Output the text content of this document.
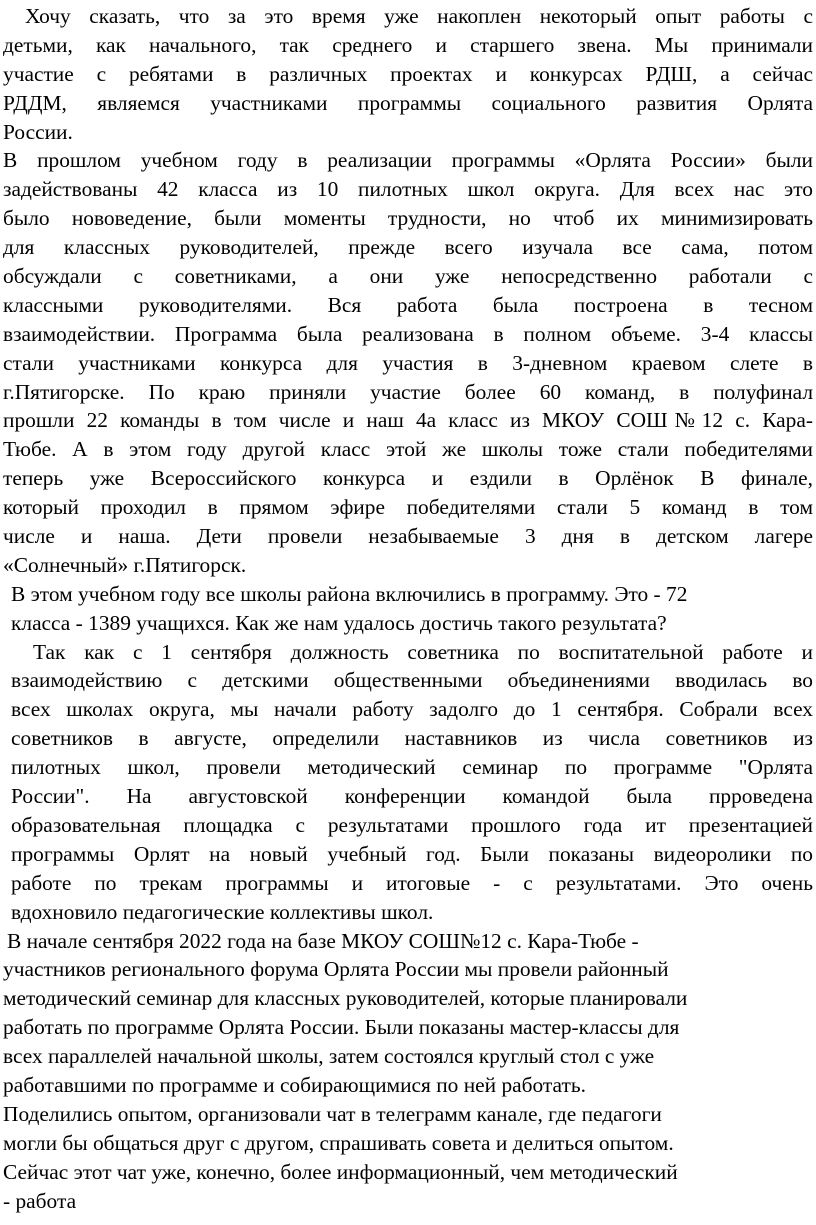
Хочу сказать, что за это время уже накоплен некоторый опыт работы с
детьми, как начального, так среднего и старшего звена. Мы принимали
участие с ребятами в различных проектах и конкурсах РДШ, а сейчас
РДДМ, являемся участниками программы социального развития Орлята
России.
В прошлом учебном году в реализации программы «Орлята России» были
задействованы 42 класса из 10 пилотных школ округа. Для всех нас это
было нововедение, были моменты трудности, но чтоб их минимизировать
для классных руководителей, прежде всего изучала все сама, потом
обсуждали с советниками, а они уже непосредственно работали с
классными руководителями. Вся работа была построена в тесном
взаимодействии. Программа была реализована в полном объеме. 3-4 классы
стали участниками конкурса для участия в 3-дневном краевом слете в
г.Пятигорске. По краю приняли участие более 60 команд, в полуфинал
прошли 22 команды в том числе и наш 4а класс из МКОУ СОШ№12 с. Кара-
Тюбе. А в этом году другой класс этой же школы тоже стали победителями
теперь уже Всероссийского конкурса и ездили в Орлёнок В финале,
который проходил в прямом эфире победителями стали 5 команд в том
числе и наша. Дети провели незабываемые 3 дня в детском лагере
«Солнечный» г.Пятигорск.
В этом учебном году все школы района включились в программу. Это - 72
класса - 1389 учащихся. Как же нам удалось достичь такого результата?
Так как с 1 сентября должность советника по воспитательной работе и
взаимодействию с детскими общественными объединениями вводилась во
всех школах округа, мы начали работу задолго до 1 сентября. Собрали всех
советников в августе, определили наставников из числа советников из
пилотных школ, провели методический семинар по программе "Орлята
России". На августовской конференции командой была прроведена
образовательная площадка с результатами прошлого года ит презентацией
программы Орлят на новый учебный год. Были показаны видеоролики по
работе по трекам программы и итоговые - с результатами. Это очень
вдохновило педагогические коллективы школ.
В начале сентября 2022 года на базе МКОУ СОШ№12 с. Кара-Тюбе -
участников регионального форума Орлята России мы провели районный
методический семинар для классных руководителей, которые планировали
работать по программе Орлята России. Были показаны мастер-классы для
всех параллелей начальной школы, затем состоялся круглый стол с уже
работавшими по программе и собирающимися по ней работать.
Поделились опытом, организовали чат в телеграмм канале, где педагоги
могли бы общаться друг с другом, спрашивать совета и делиться опытом.
Сейчас этот чат уже, конечно, более информационный, чем методический
- работа
